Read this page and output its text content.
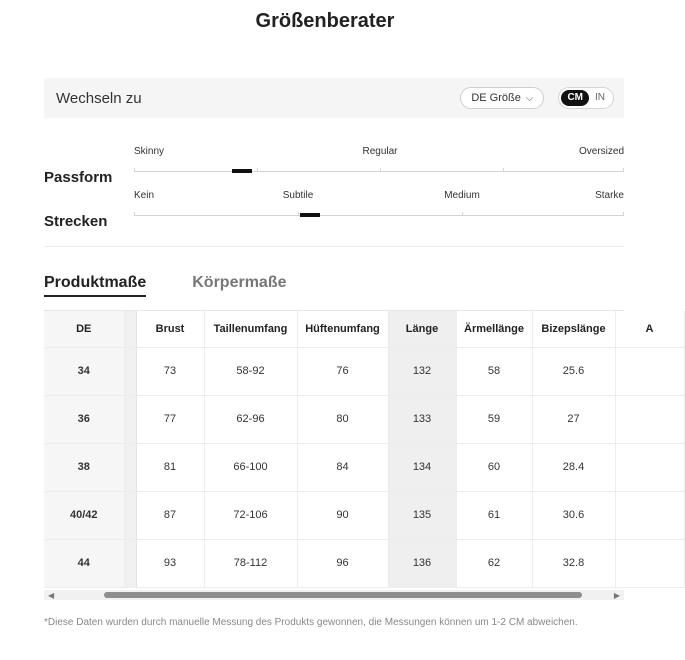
Größenberater
Wechseln zu	DE Größe ⌵	CM	IN
Passform
Skinny	Regular	Oversized
Strecken
Kein	Subtile	Medium	Starke
Produktmaße	Körpermaße
DE		Brust	Taillenumfang	Hüftenumfang	Länge	Ärmellänge	Bizepslänge	A
34		73	58-92	76	132	58	25.6	
36		77	62-96	80	133	59	27	
38		81	66-100	84	134	60	28.4	
40/42		87	72-106	90	135	61	30.6	
44		93	78-112	96	136	62	32.8	
◀	▶
*Diese Daten wurden durch manuelle Messung des Produkts gewonnen, die Messungen können um 1-2 CM abweichen.
